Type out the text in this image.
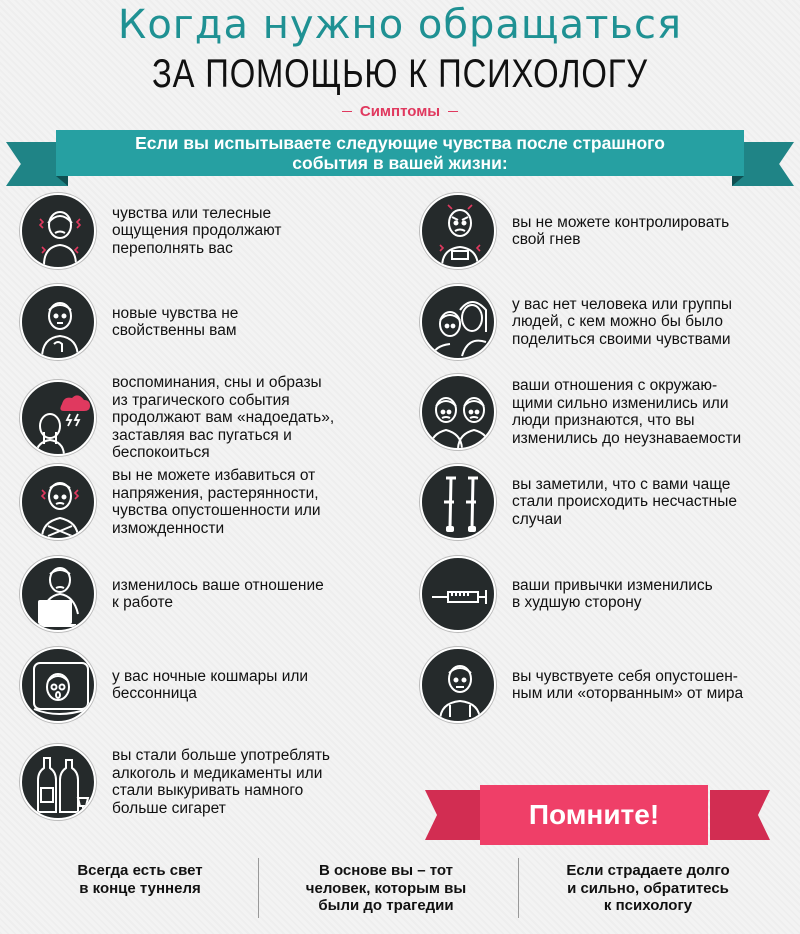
Когда нужно обращаться
ЗА ПОМОЩЬЮ К ПСИХОЛОГУ
Симптомы
Если вы испытываете следующие чувства после страшного
события в вашей жизни:
чувства или телесные
ощущения продолжают
переполнять вас
новые чувства не
свойственны вам
воспоминания, сны и образы
из трагического события
продолжают вам «надоедать»,
заставляя вас пугаться и
беспокоиться
вы не можете избавиться от
напряжения, растерянности,
чувства опустошенности или
изможденности
изменилось ваше отношение
к работе
у вас ночные кошмары или
бессонница
вы стали больше употреблять
алкоголь и медикаменты или
стали выкуривать намного
больше сигарет
вы не можете контролировать
свой гнев
у вас нет человека или группы
людей, с кем можно бы было
поделиться своими чувствами
ваши отношения с окружаю-
щими сильно изменились или
люди признаются, что вы
изменились до неузнаваемости
вы заметили, что с вами чаще
стали происходить несчастные
случаи
ваши привычки изменились
в худшую сторону
вы чувствуете себя опустошен-
ным или «оторванным» от мира
Помните!
Всегда есть свет
в конце туннеля
В основе вы – тот
человек, которым вы
были до трагедии
Если страдаете долго
и сильно, обратитесь
к психологу
